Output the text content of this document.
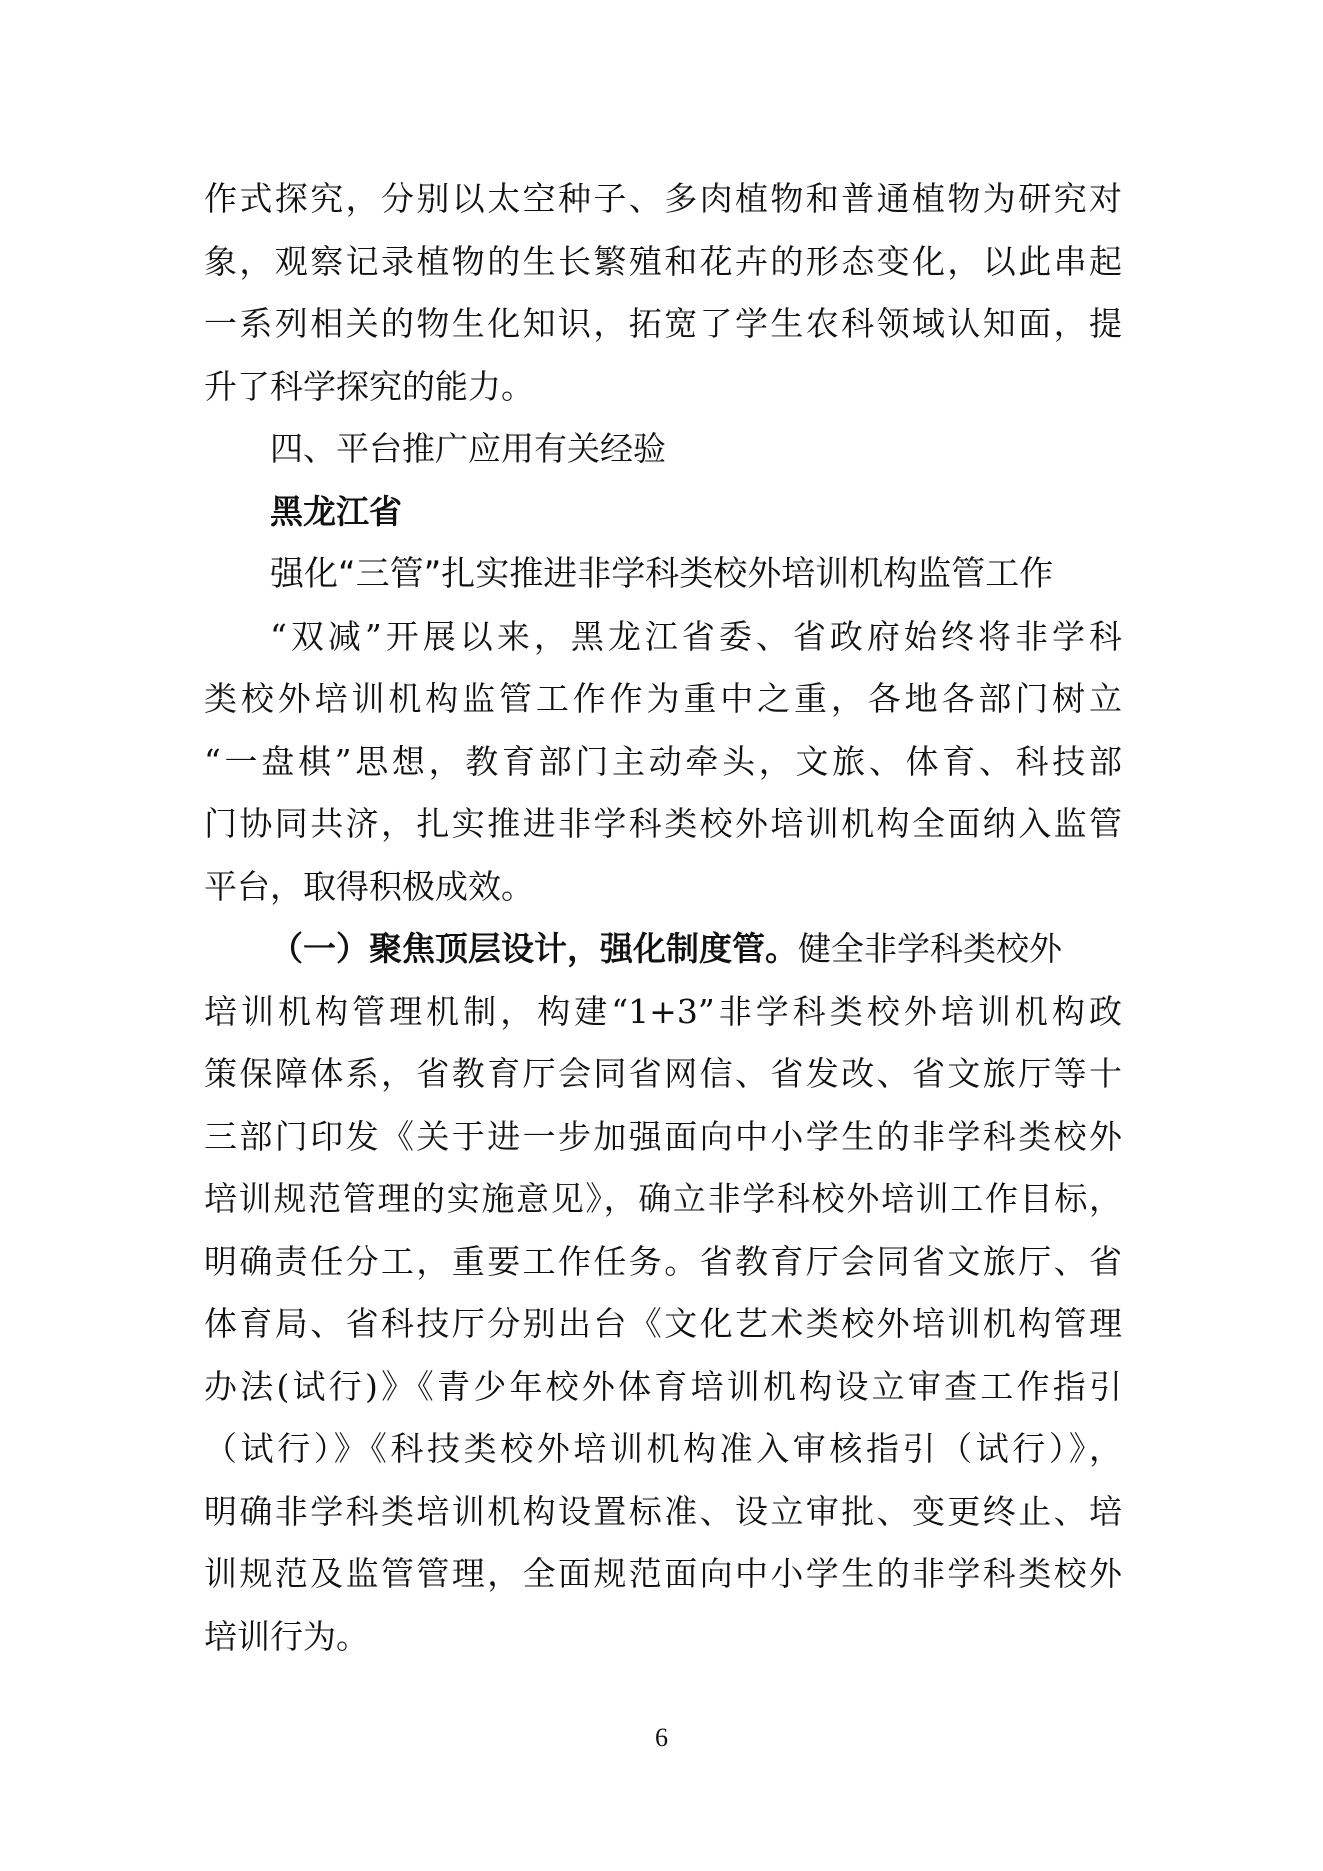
作式探究，分别以太空种子、多肉植物和普通植物为研究对
象，观察记录植物的生长繁殖和花卉的形态变化，以此串起
一系列相关的物生化知识，拓宽了学生农科领域认知面，提
升了科学探究的能力。
四、平台推广应用有关经验
黑龙江省
强化“三管”扎实推进非学科类校外培训机构监管工作
“双减”开展以来，黑龙江省委、省政府始终将非学科
类校外培训机构监管工作作为重中之重，各地各部门树立
“一盘棋”思想，教育部门主动牵头，文旅、体育、科技部
门协同共济，扎实推进非学科类校外培训机构全面纳入监管
平台，取得积极成效。
（一）聚焦顶层设计，强化制度管。健全非学科类校外
培训机构管理机制，构建“1+3”非学科类校外培训机构政
策保障体系，省教育厅会同省网信、省发改、省文旅厅等十
三部门印发《关于进一步加强面向中小学生的非学科类校外
培训规范管理的实施意见》，确立非学科校外培训工作目标，
明确责任分工，重要工作任务。省教育厅会同省文旅厅、省
体育局、省科技厅分别出台《文化艺术类校外培训机构管理
办法(试行)》《青少年校外体育培训机构设立审查工作指引
（试行）》《科技类校外培训机构准入审核指引（试行）》，
明确非学科类培训机构设置标准、设立审批、变更终止、培
训规范及监管管理，全面规范面向中小学生的非学科类校外
培训行为。
6
